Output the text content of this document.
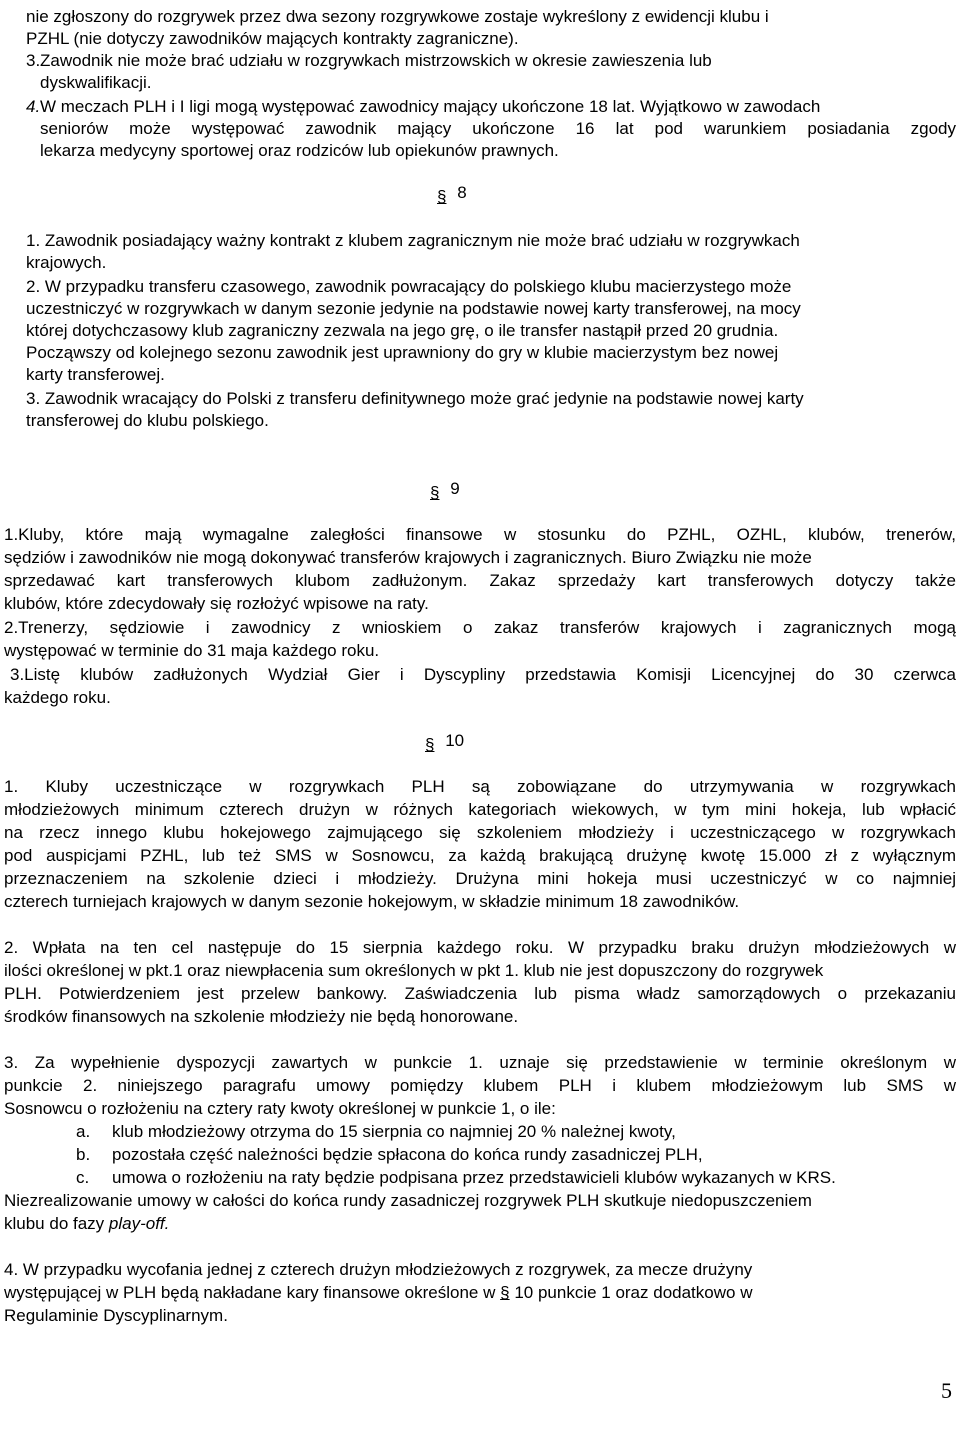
nie zgłoszony do rozgrywek przez dwa sezony rozgrywkowe zostaje wykreślony z ewidencji klubu i
PZHL (nie dotyczy zawodników mających kontrakty zagraniczne).
3. Zawodnik nie może brać udziału w rozgrywkach mistrzowskich w okresie zawieszenia lub
dyskwalifikacji.
4. W meczach PLH i I ligi mogą występować zawodnicy mający ukończone 18 lat. Wyjątkowo w zawodach
seniorów może występować zawodnik mający ukończone 16 lat pod warunkiem posiadania zgody
lekarza medycyny sportowej oraz rodziców lub opiekunów prawnych.
§ 8
1. Zawodnik posiadający ważny kontrakt z klubem zagranicznym nie może brać udziału w rozgrywkach
krajowych.
2. W przypadku transferu czasowego, zawodnik powracający do polskiego klubu macierzystego może
uczestniczyć w rozgrywkach w danym sezonie jedynie na podstawie nowej karty transferowej, na mocy
której dotychczasowy klub zagraniczny zezwala na jego grę, o ile transfer nastąpił przed 20 grudnia.
Począwszy od kolejnego sezonu zawodnik jest uprawniony do gry w klubie macierzystym bez nowej
karty transferowej.
3. Zawodnik wracający do Polski z transferu definitywnego może grać jedynie na podstawie nowej karty
transferowej do klubu polskiego.
§ 9
1.Kluby, które mają wymagalne zaległości finansowe w stosunku do PZHL, OZHL, klubów, trenerów,
sędziów i zawodników nie mogą dokonywać transferów krajowych i zagranicznych. Biuro Związku nie może
sprzedawać kart transferowych klubom zadłużonym. Zakaz sprzedaży kart transferowych dotyczy także
klubów, które zdecydowały się rozłożyć wpisowe na raty.
2.Trenerzy, sędziowie i zawodnicy z wnioskiem o zakaz transferów krajowych i zagranicznych mogą
występować w terminie do 31 maja każdego roku.
3.Listę klubów zadłużonych Wydział Gier i Dyscypliny przedstawia Komisji Licencyjnej do 30 czerwca
każdego roku.
§ 10
1. Kluby uczestniczące w rozgrywkach PLH są zobowiązane do utrzymywania w rozgrywkach
młodzieżowych minimum czterech drużyn w różnych kategoriach wiekowych, w tym mini hokeja, lub wpłacić
na rzecz innego klubu hokejowego zajmującego się szkoleniem młodzieży i uczestniczącego w rozgrywkach
pod auspicjami PZHL, lub też SMS w Sosnowcu, za każdą brakującą drużynę kwotę 15.000 zł z wyłącznym
przeznaczeniem na szkolenie dzieci i młodzieży. Drużyna mini hokeja musi uczestniczyć w co najmniej
czterech turniejach krajowych w danym sezonie hokejowym, w składzie minimum 18 zawodników.
2. Wpłata na ten cel następuje do 15 sierpnia każdego roku. W przypadku braku drużyn młodzieżowych w
ilości określonej w pkt.1 oraz niewpłacenia sum określonych w pkt 1. klub nie jest dopuszczony do rozgrywek
PLH. Potwierdzeniem jest przelew bankowy. Zaświadczenia lub pisma władz samorządowych o przekazaniu
środków finansowych na szkolenie młodzieży nie będą honorowane.
3. Za wypełnienie dyspozycji zawartych w punkcie 1. uznaje się przedstawienie w terminie określonym w
punkcie 2. niniejszego paragrafu umowy pomiędzy klubem PLH i klubem młodzieżowym lub SMS w
Sosnowcu o rozłożeniu na cztery raty kwoty określonej w punkcie 1, o ile:
a. klub młodzieżowy otrzyma do 15 sierpnia co najmniej 20 % należnej kwoty,
b. pozostała część należności będzie spłacona do końca rundy zasadniczej PLH,
c. umowa o rozłożeniu na raty będzie podpisana przez przedstawicieli klubów wykazanych w KRS.
Niezrealizowanie umowy w całości do końca rundy zasadniczej rozgrywek PLH skutkuje niedopuszczeniem
klubu do fazy play-off.
4. W przypadku wycofania jednej z czterech drużyn młodzieżowych z rozgrywek, za mecze drużyny
występującej w PLH będą nakładane kary finansowe określone w § 10 punkcie 1 oraz dodatkowo w
Regulaminie Dyscyplinarnym.
5
